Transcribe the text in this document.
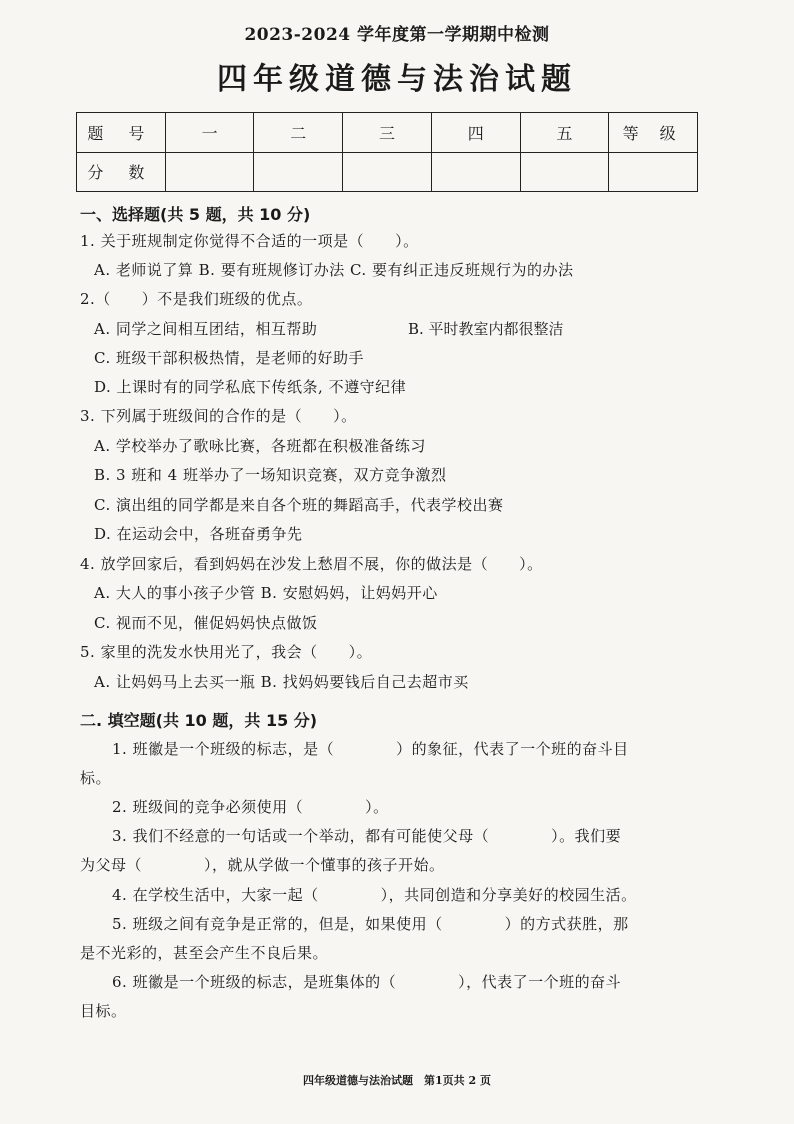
2023-2024 学年度第一学期期中检测
四年级道德与法治试题
题 号	一	二	三	四	五	等 级
分 数						
一、选择题(共 5 题，共 10 分)
1. 关于班规制定你觉得不合适的一项是（　　）。
A. 老师说了算 B. 要有班规修订办法 C. 要有纠正违反班规行为的办法
2.（　　）不是我们班级的优点。
A. 同学之间相互团结，相互帮助	B. 平时教室内都很整洁
C. 班级干部积极热情，是老师的好助手
D. 上课时有的同学私底下传纸条, 不遵守纪律
3. 下列属于班级间的合作的是（　　）。
A. 学校举办了歌咏比赛，各班都在积极准备练习
B. 3 班和 4 班举办了一场知识竞赛，双方竞争激烈
C. 演出组的同学都是来自各个班的舞蹈高手，代表学校出赛
D. 在运动会中，各班奋勇争先
4. 放学回家后，看到妈妈在沙发上愁眉不展，你的做法是（　　）。
A. 大人的事小孩子少管 B. 安慰妈妈，让妈妈开心
C. 视而不见，催促妈妈快点做饭
5. 家里的洗发水快用光了，我会（　　）。
A. 让妈妈马上去买一瓶 B. 找妈妈要钱后自己去超市买
二. 填空题(共 10 题，共 15 分)
1. 班徽是一个班级的标志，是（　　　　）的象征，代表了一个班的奋斗目
标。
2. 班级间的竞争必须使用（　　　　）。
3. 我们不经意的一句话或一个举动，都有可能使父母（　　　　）。我们要
为父母（　　　　），就从学做一个懂事的孩子开始。
4. 在学校生活中，大家一起（　　　　），共同创造和分享美好的校园生活。
5. 班级之间有竞争是正常的，但是，如果使用（　　　　）的方式获胜，那
是不光彩的，甚至会产生不良后果。
6. 班徽是一个班级的标志，是班集体的（　　　　），代表了一个班的奋斗
目标。
四年级道德与法治试题　第1页共 2 页
